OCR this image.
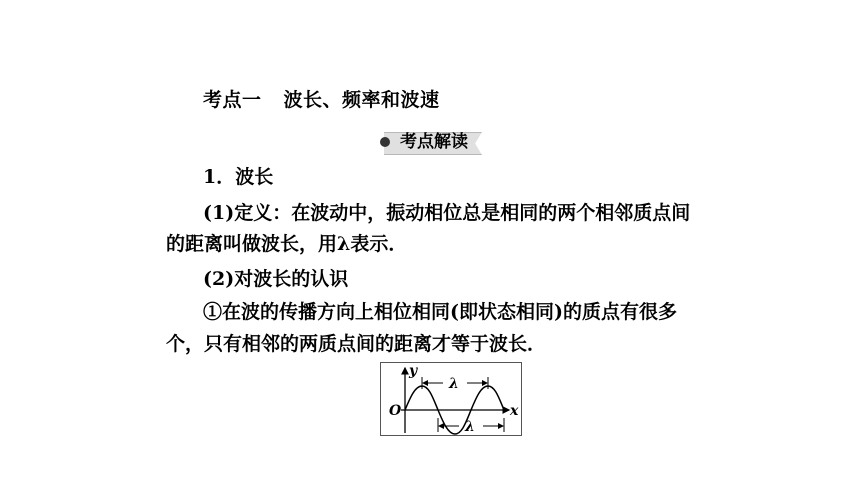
考点一 波长、频率和波速
考点解读
1．波长
(1)定义：在波动中，振动相位总是相同的两个相邻质点间
的距离叫做波长，用λ表示．
(2)对波长的认识
①在波的传播方向上相位相同(即状态相同)的质点有很多
个，只有相邻的两质点间的距离才等于波长．
y
x
O
λ
λ
